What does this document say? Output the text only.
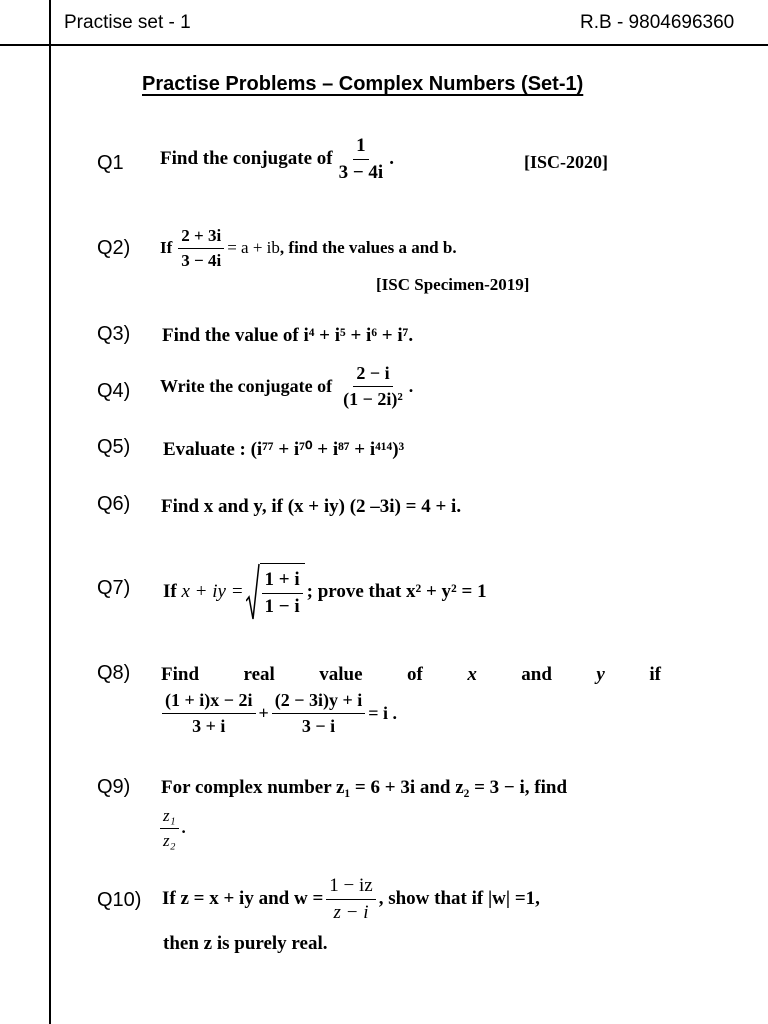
Practise set - 1	R.B - 9804696360
Practise Problems – Complex Numbers (Set-1)
Q1 Find the conjugate of $\frac{1}{3 - 4i}$ .	[ISC-2020]
Q2) If $\frac{2 + 3i}{3 - 4i} = a$ + ib , find the values a and b.
[ISC Specimen-2019]
Q3) Find the value of
i⁴ + i⁵ + i⁶ + i⁷.
Q4) Write the conjugate of $\frac{2 - i}{\text{(1 − 2i)²}}$ .
Q5) Evaluate :
(i⁷⁷ + i⁷⁰ + i⁸⁷ + i⁴¹⁴)³
Q6) Find x and y, if (x + iy) (2 –3i) = 4 + i.
Q7) If
x + iy = $\frac{1 + i}{1 - i}$ ; prove that x² + y² = 1
Q8) Find real value of x and y if
$\frac{(1 + i)x - 2i}{3 + i} + \frac{(2 - 3i)y + i}{3 - i} = i$ .
Q9) For complex number z₁ = 6 + 3i and z₂ = 3 − i, find
$\frac{\text{z₁}}{\text{z₂}}$ .
Q10) If z = x + iy and $w = \frac{1 - iz}{z - i}$ , show that if |w| =1,
then z is purely real.
